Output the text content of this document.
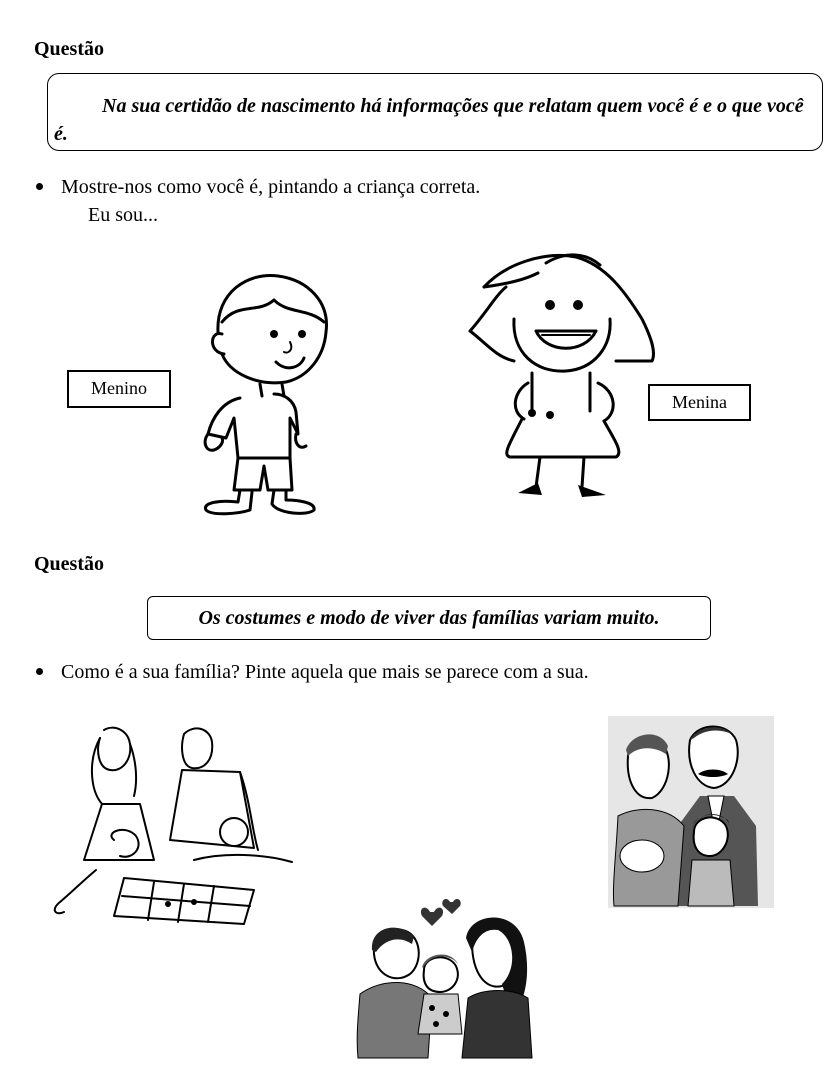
Questão

Na sua certidão de nascimento há informações que relatam quem você é e o que você é.

Mostre-nos como você é, pintando a criança correta.
Eu sou...
Menino
Menina
Questão
Os costumes e modo de viver das famílias variam muito.
Como é a sua família? Pinte aquela que mais se parece com a sua.
